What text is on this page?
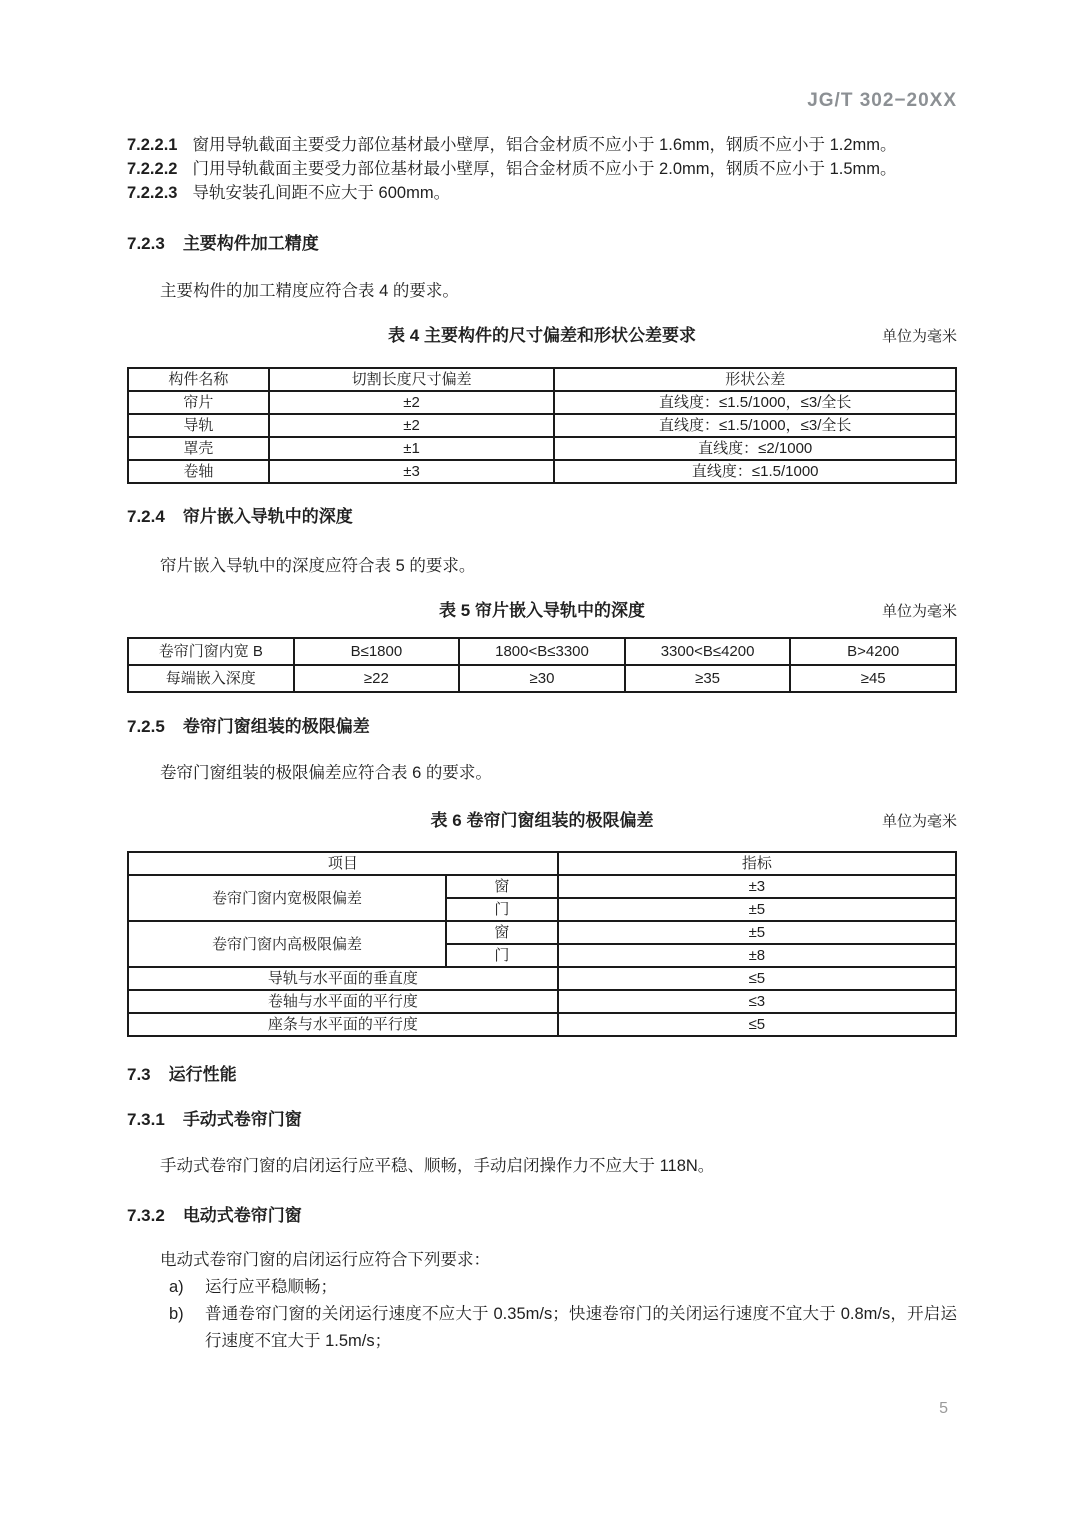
JG/T 302−20XX

7.2.2.1 窗用导轨截面主要受力部位基材最小壁厚，铝合金材质不应小于 1.6mm，钢质不应小于 1.2mm。

7.2.2.2 门用导轨截面主要受力部位基材最小壁厚，铝合金材质不应小于 2.0mm，钢质不应小于 1.5mm。

7.2.2.3 导轨安装孔间距不应大于 600mm。

7.2.3 主要构件加工精度

主要构件的加工精度应符合表 4 的要求。

表 4 主要构件的尺寸偏差和形状公差要求	单位为毫米
构件名称	切割长度尺寸偏差	形状公差
帘片	±2	直线度：≤1.5/1000，≤3/全长
导轨	±2	直线度：≤1.5/1000，≤3/全长
罩壳	±1	直线度：≤2/1000
卷轴	±3	直线度：≤1.5/1000
7.2.4 帘片嵌入导轨中的深度

帘片嵌入导轨中的深度应符合表 5 的要求。

表 5 帘片嵌入导轨中的深度	单位为毫米
卷帘门窗内宽 B	B≤1800	1800<B≤3300	3300<B≤4200	B>4200
每端嵌入深度	≥22	≥30	≥35	≥45
7.2.5 卷帘门窗组装的极限偏差

卷帘门窗组装的极限偏差应符合表 6 的要求。

表 6 卷帘门窗组装的极限偏差	单位为毫米
项目		指标
卷帘门窗内宽极限偏差	窗	±3
	门	±5
卷帘门窗内高极限偏差	窗	±5
	门	±8
导轨与水平面的垂直度		≤5
卷轴与水平面的平行度		≤3
座条与水平面的平行度		≤5
7.3 运行性能
7.3.1 手动式卷帘门窗

手动式卷帘门窗的启闭运行应平稳、顺畅，手动启闭操作力不应大于 118N。

7.3.2 电动式卷帘门窗

电动式卷帘门窗的启闭运行应符合下列要求：

a)	运行应平稳顺畅；
b)	普通卷帘门窗的关闭运行速度不应大于 0.35m/s；快速卷帘门的关闭运行速度不宜大于 0.8m/s，开启运行速度不宜大于 1.5m/s；
5
